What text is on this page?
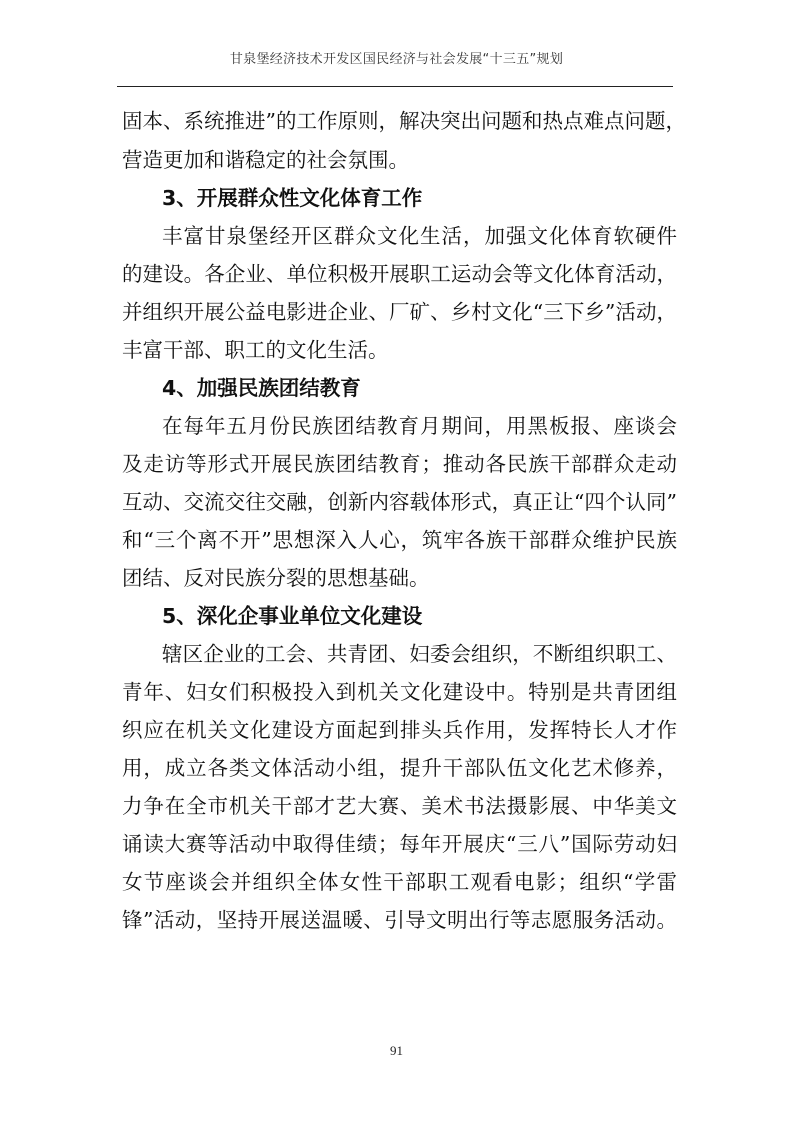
甘泉堡经济技术开发区国民经济与社会发展“十三五”规划
固本、系统推进”的工作原则，解决突出问题和热点难点问题，
营造更加和谐稳定的社会氛围。
3、开展群众性文化体育工作
丰富甘泉堡经开区群众文化生活，加强文化体育软硬件
的建设。各企业、单位积极开展职工运动会等文化体育活动，
并组织开展公益电影进企业、厂矿、乡村文化“三下乡”活动，
丰富干部、职工的文化生活。
4、加强民族团结教育
在每年五月份民族团结教育月期间，用黑板报、座谈会
及走访等形式开展民族团结教育；推动各民族干部群众走动
互动、交流交往交融，创新内容载体形式，真正让“四个认同”
和“三个离不开”思想深入人心，筑牢各族干部群众维护民族
团结、反对民族分裂的思想基础。
5、深化企事业单位文化建设
辖区企业的工会、共青团、妇委会组织，不断组织职工、
青年、妇女们积极投入到机关文化建设中。特别是共青团组
织应在机关文化建设方面起到排头兵作用，发挥特长人才作
用，成立各类文体活动小组，提升干部队伍文化艺术修养，
力争在全市机关干部才艺大赛、美术书法摄影展、中华美文
诵读大赛等活动中取得佳绩；每年开展庆“三八”国际劳动妇
女节座谈会并组织全体女性干部职工观看电影；组织“学雷
锋”活动，坚持开展送温暖、引导文明出行等志愿服务活动。
91
